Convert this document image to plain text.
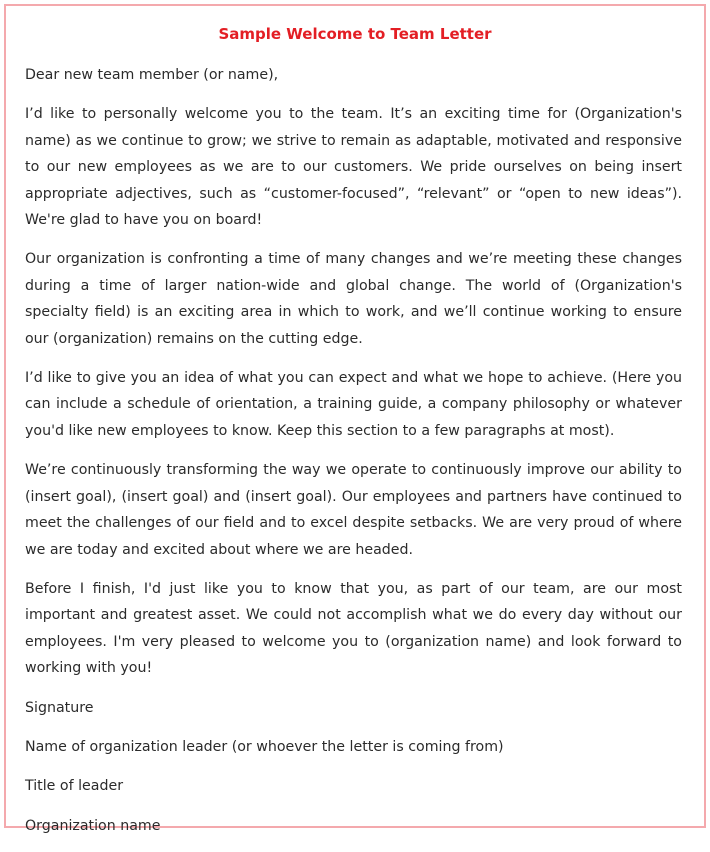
Sample Welcome to Team Letter

Dear new team member (or name),

I’d like to personally welcome you to the team. It’s an exciting time for (Organization's name) as we continue to grow; we strive to remain as adaptable, motivated and responsive to our new employees as we are to our customers. We pride ourselves on being insert appropriate adjectives, such as “customer-focused”, “relevant” or “open to new ideas”). We're glad to have you on board!

Our organization is confronting a time of many changes and we’re meeting these changes during a time of larger nation-wide and global change. The world of (Organization's specialty field) is an exciting area in which to work, and we’ll continue working to ensure our (organization) remains on the cutting edge.

I’d like to give you an idea of what you can expect and what we hope to achieve. (Here you can include a schedule of orientation, a training guide, a company philosophy or whatever you'd like new employees to know. Keep this section to a few paragraphs at most).

We’re continuously transforming the way we operate to continuously improve our ability to (insert goal), (insert goal) and (insert goal). Our employees and partners have continued to meet the challenges of our field and to excel despite setbacks. We are very proud of where we are today and excited about where we are headed.

Before I finish, I'd just like you to know that you, as part of our team, are our most important and greatest asset. We could not accomplish what we do every day without our employees. I'm very pleased to welcome you to (organization name) and look forward to working with you!

Signature

Name of organization leader (or whoever the letter is coming from)

Title of leader

Organization name
